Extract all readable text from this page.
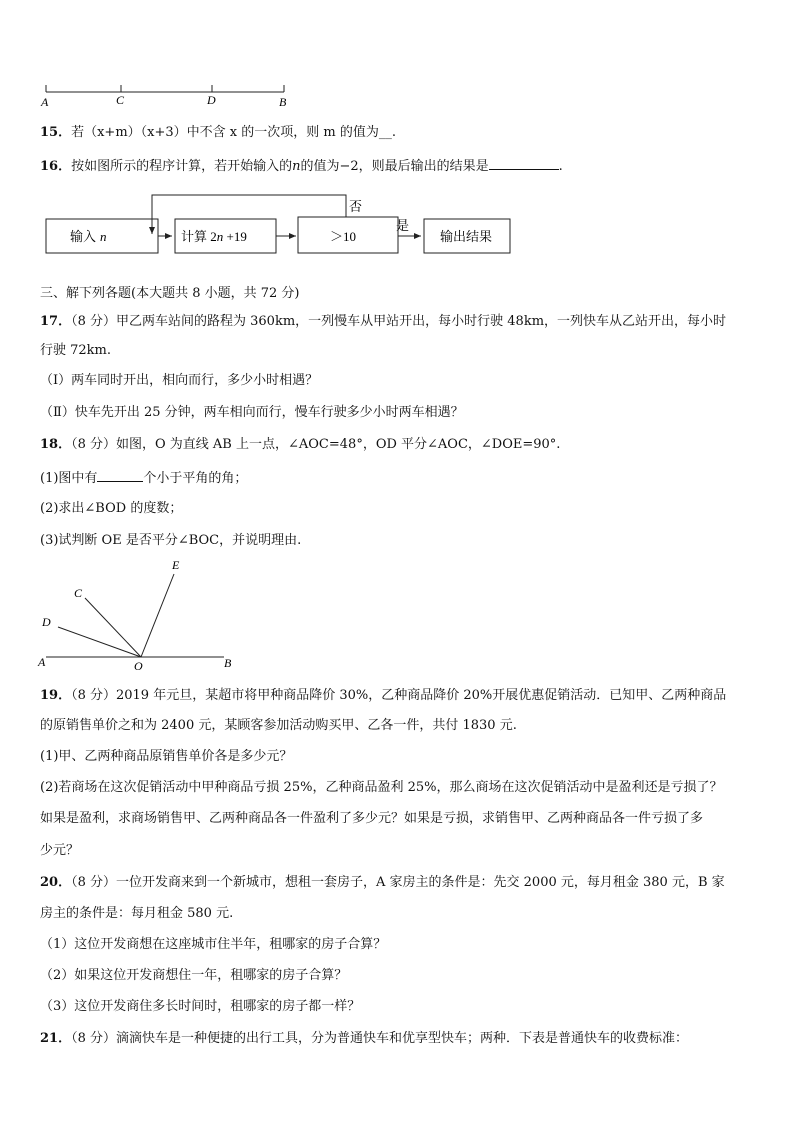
A	C	D	B
15．若（x+m）（x+3）中不含 x 的一次项，则 m 的值为__.
16．按如图所示的程序计算，若开始输入的n的值为−2，则最后输出的结果是	.
输入 n	计算 2n +19	＞10
是
输出结果
否
三、解下列各题(本大题共 8 小题，共 72 分)
17．（8 分）甲乙两车站间的路程为 360km，一列慢车从甲站开出，每小时行驶 48km，一列快车从乙站开出，每小时
行驶 72km.
（Ⅰ）两车同时开出，相向而行，多少小时相遇？
（Ⅱ）快车先开出 25 分钟，两车相向而行，慢车行驶多少小时两车相遇？
18．（8 分）如图，O 为直线 AB 上一点，∠AOC=48°，OD 平分∠AOC，∠DOE=90°.
(1)图中有	个小于平角的角；
(2)求出∠BOD 的度数；
(3)试判断 OE 是否平分∠BOC，并说明理由.
E
C
D
A	O	B
19．（8 分）2019 年元旦，某超市将甲种商品降价 30%，乙种商品降价 20%开展优惠促销活动．已知甲、乙两种商品
的原销售单价之和为 2400 元，某顾客参加活动购买甲、乙各一件，共付 1830 元.
(1)甲、乙两种商品原销售单价各是多少元？
(2)若商场在这次促销活动中甲种商品亏损 25%，乙种商品盈利 25%，那么商场在这次促销活动中是盈利还是亏损了？
如果是盈利，求商场销售甲、乙两种商品各一件盈利了多少元？如果是亏损，求销售甲、乙两种商品各一件亏损了多
少元？
20．（8 分）一位开发商来到一个新城市，想租一套房子，A 家房主的条件是：先交 2000 元，每月租金 380 元，B 家
房主的条件是：每月租金 580 元.
（1）这位开发商想在这座城市住半年，租哪家的房子合算？
（2）如果这位开发商想住一年，租哪家的房子合算？
（3）这位开发商住多长时间时，租哪家的房子都一样？
21．（8 分）滴滴快车是一种便捷的出行工具，分为普通快车和优享型快车；两种．下表是普通快车的收费标准：
